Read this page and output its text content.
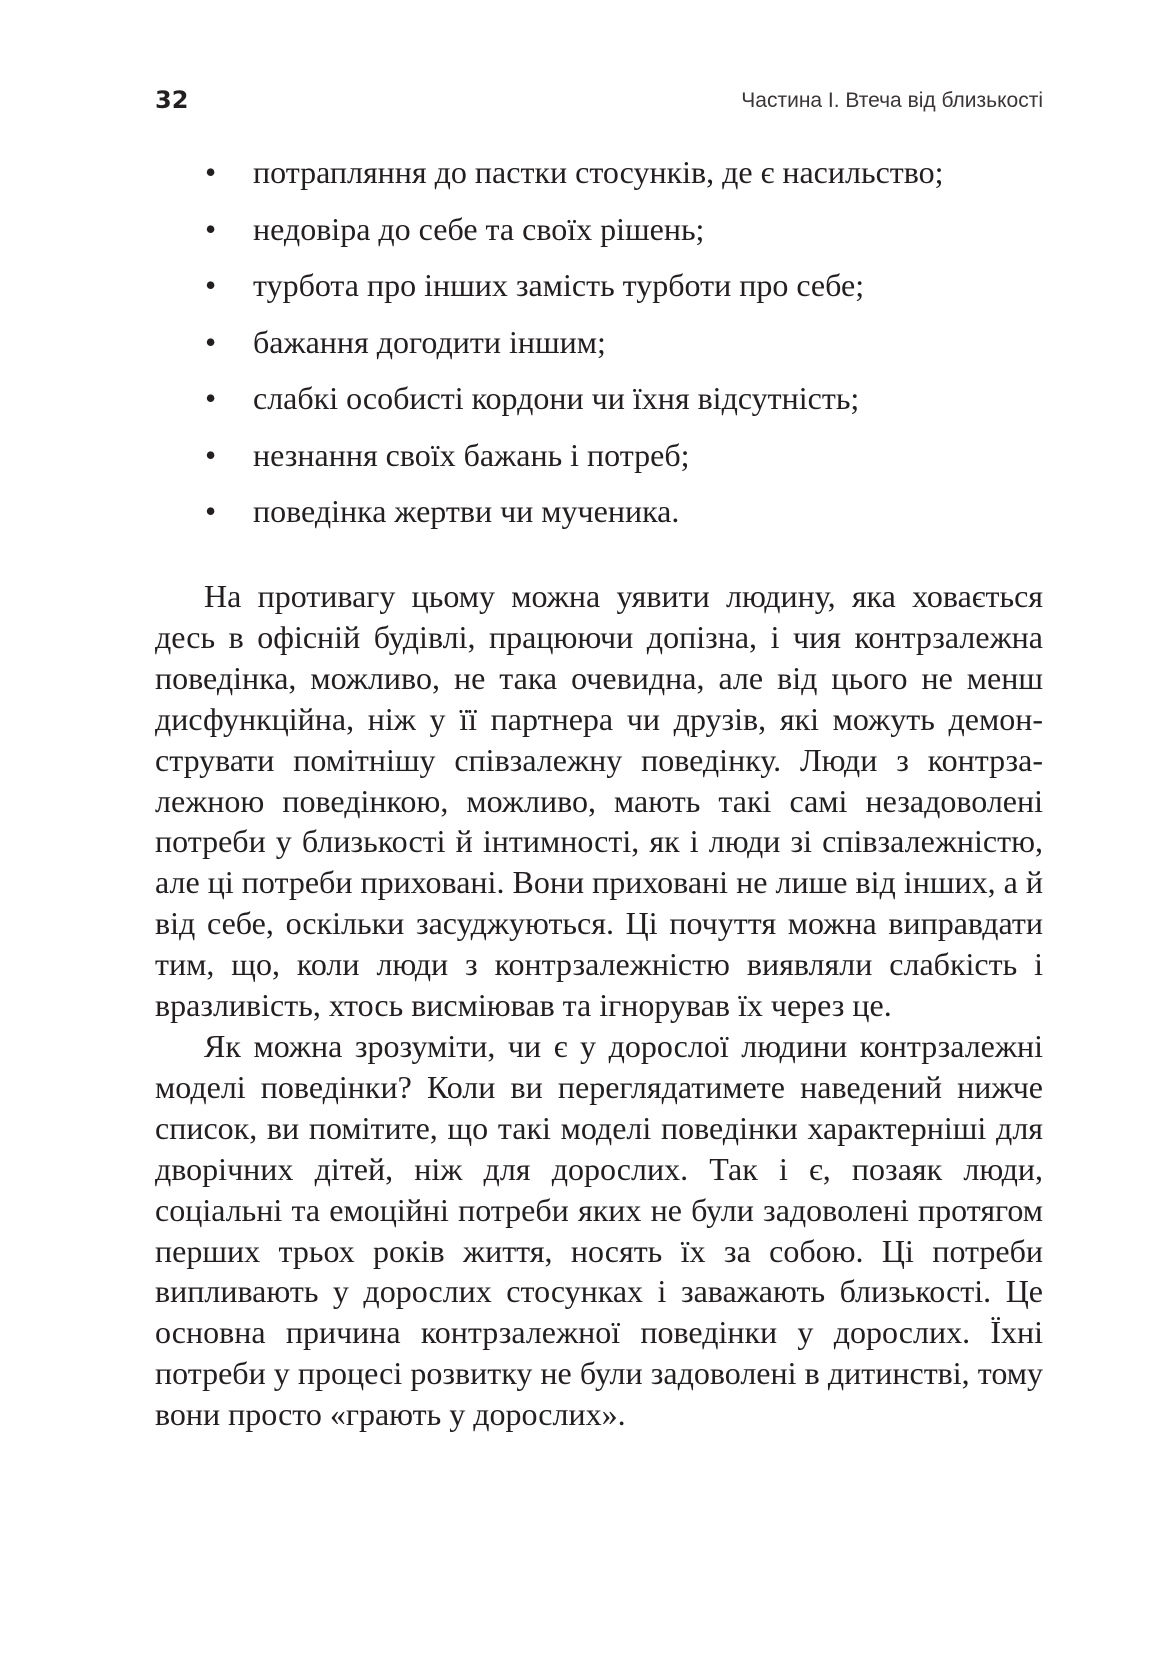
32	Частина I. Втеча від близькості
• потрапляння до пастки стосунків, де є насильство;
• недовіра до себе та своїх рішень;
• турбота про інших замість турботи про себе;
• бажання догодити іншим;
• слабкі особисті кордони чи їхня відсутність;
• незнання своїх бажань і потреб;
• поведінка жертви чи мученика.

На противагу цьому можна уявити людину, яка ховається десь в офісній будівлі, працюючи допізна, і чия контрзалежна поведінка, можливо, не така очевидна, але від цього не менш дисфункційна, ніж у її партнера чи друзів, які можуть демонструвати помітнішу співзалежну поведінку. Люди з контрзалежною поведінкою, можливо, мають такі самі незадоволені потреби у близькості й інтимності, як і люди зі співзалежністю, але ці потреби приховані. Вони приховані не лише від інших, а й від себе, оскільки засуджуються. Ці почуття можна виправдати тим, що, коли люди з контрзалежністю виявляли слабкість і вразливість, хтось висміював та ігнорував їх через це.

Як можна зрозуміти, чи є у дорослої людини контрзалежні моделі поведінки? Коли ви переглядатимете наведений нижче список, ви помітите, що такі моделі поведінки характерніші для дворічних дітей, ніж для дорослих. Так і є, позаяк люди, соціальні та емоційні потреби яких не були задоволені протягом перших трьох років життя, носять їх за собою. Ці потреби випливають у дорослих стосунках і заважають близькості. Це основна причина контрзалежної поведінки у дорослих. Їхні потреби у процесі розвитку не були задоволені в дитинстві, тому вони просто «грають у дорослих».
